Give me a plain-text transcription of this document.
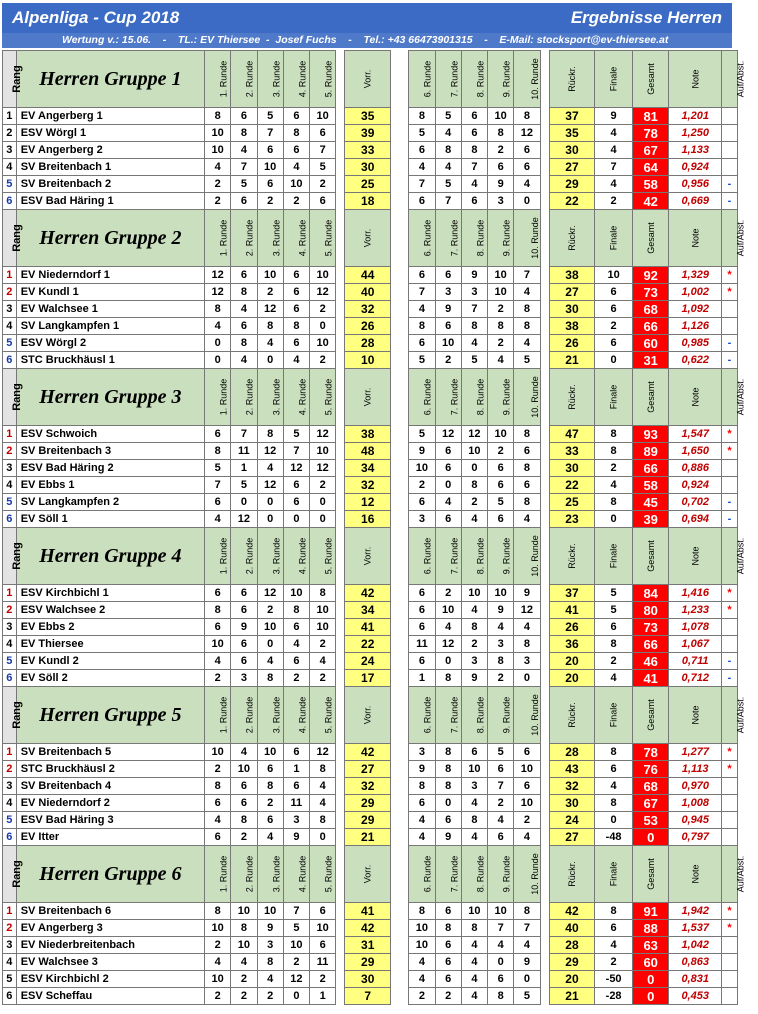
Alpenliga - Cup 2018	Ergebnisse Herren
Wertung v.: 15.06.    -    TL.: EV Thiersee  -  Josef Fuchs    -    Tel.: +43 66473901315    -    E-Mail: stocksport@ev-thiersee.at
Rang	Herren Gruppe 1	1. Runde	2. Runde	3. Runde	4. Runde	5. Runde		Vorr.		6. Runde	7. Runde	8. Runde	9. Runde	10. Runde		Rückr.	Finale	Gesamt	Note	Auf/Abst.
1	EV Angerberg 1	8	6	5	6	10		35		8	5	6	10	8		37	9	81	1,201	
2	ESV Wörgl 1	10	8	7	8	6		39		5	4	6	8	12		35	4	78	1,250	
3	EV Angerberg 2	10	4	6	6	7		33		6	8	8	2	6		30	4	67	1,133	
4	SV Breitenbach 1	4	7	10	4	5		30		4	4	7	6	6		27	7	64	0,924	
5	SV Breitenbach 2	2	5	6	10	2		25		7	5	4	9	4		29	4	58	0,956	-
6	ESV Bad Häring 1	2	6	2	2	6		18		6	7	6	3	0		22	2	42	0,669	-
Rang	Herren Gruppe 2	1. Runde	2. Runde	3. Runde	4. Runde	5. Runde		Vorr.		6. Runde	7. Runde	8. Runde	9. Runde	10. Runde		Rückr.	Finale	Gesamt	Note	Auf/Abst.
1	EV Niederndorf 1	12	6	10	6	10		44		6	6	9	10	7		38	10	92	1,329	*
2	EV Kundl 1	12	8	2	6	12		40		7	3	3	10	4		27	6	73	1,002	*
3	EV Walchsee 1	8	4	12	6	2		32		4	9	7	2	8		30	6	68	1,092	
4	SV Langkampfen 1	4	6	8	8	0		26		8	6	8	8	8		38	2	66	1,126	
5	ESV Wörgl 2	0	8	4	6	10		28		6	10	4	2	4		26	6	60	0,985	-
6	STC Bruckhäusl 1	0	4	0	4	2		10		5	2	5	4	5		21	0	31	0,622	-
Rang	Herren Gruppe 3	1. Runde	2. Runde	3. Runde	4. Runde	5. Runde		Vorr.		6. Runde	7. Runde	8. Runde	9. Runde	10. Runde		Rückr.	Finale	Gesamt	Note	Auf/Abst.
1	ESV Schwoich	6	7	8	5	12		38		5	12	12	10	8		47	8	93	1,547	*
2	SV Breitenbach 3	8	11	12	7	10		48		9	6	10	2	6		33	8	89	1,650	*
3	ESV Bad Häring 2	5	1	4	12	12		34		10	6	0	6	8		30	2	66	0,886	
4	EV Ebbs 1	7	5	12	6	2		32		2	0	8	6	6		22	4	58	0,924	
5	SV Langkampfen 2	6	0	0	6	0		12		6	4	2	5	8		25	8	45	0,702	-
6	EV Söll 1	4	12	0	0	0		16		3	6	4	6	4		23	0	39	0,694	-
Rang	Herren Gruppe 4	1. Runde	2. Runde	3. Runde	4. Runde	5. Runde		Vorr.		6. Runde	7. Runde	8. Runde	9. Runde	10. Runde		Rückr.	Finale	Gesamt	Note	Auf/Abst.
1	ESV Kirchbichl 1	6	6	12	10	8		42		6	2	10	10	9		37	5	84	1,416	*
2	ESV Walchsee 2	8	6	2	8	10		34		6	10	4	9	12		41	5	80	1,233	*
3	EV Ebbs 2	6	9	10	6	10		41		6	4	8	4	4		26	6	73	1,078	
4	EV Thiersee	10	6	0	4	2		22		11	12	2	3	8		36	8	66	1,067	
5	EV Kundl 2	4	6	4	6	4		24		6	0	3	8	3		20	2	46	0,711	-
6	EV Söll 2	2	3	8	2	2		17		1	8	9	2	0		20	4	41	0,712	-
Rang	Herren Gruppe 5	1. Runde	2. Runde	3. Runde	4. Runde	5. Runde		Vorr.		6. Runde	7. Runde	8. Runde	9. Runde	10. Runde		Rückr.	Finale	Gesamt	Note	Auf/Abst.
1	SV Breitenbach 5	10	4	10	6	12		42		3	8	6	5	6		28	8	78	1,277	*
2	STC Bruckhäusl 2	2	10	6	1	8		27		9	8	10	6	10		43	6	76	1,113	*
3	SV Breitenbach 4	8	6	8	6	4		32		8	8	3	7	6		32	4	68	0,970	
4	EV Niederndorf 2	6	6	2	11	4		29		6	0	4	2	10		30	8	67	1,008	
5	ESV Bad Häring 3	4	8	6	3	8		29		4	6	8	4	2		24	0	53	0,945	
6	EV Itter	6	2	4	9	0		21		4	9	4	6	4		27	-48	0	0,797	
Rang	Herren Gruppe 6	1. Runde	2. Runde	3. Runde	4. Runde	5. Runde		Vorr.		6. Runde	7. Runde	8. Runde	9. Runde	10. Runde		Rückr.	Finale	Gesamt	Note	Auf/Abst.
1	SV Breitenbach 6	8	10	10	7	6		41		8	6	10	10	8		42	8	91	1,942	*
2	EV Angerberg 3	10	8	9	5	10		42		10	8	8	7	7		40	6	88	1,537	*
3	EV Niederbreitenbach	2	10	3	10	6		31		10	6	4	4	4		28	4	63	1,042	
4	EV Walchsee 3	4	4	8	2	11		29		4	6	4	0	9		29	2	60	0,863	
5	ESV Kirchbichl 2	10	2	4	12	2		30		4	6	4	6	0		20	-50	0	0,831	
6	ESV Scheffau	2	2	2	0	1		7		2	2	4	8	5		21	-28	0	0,453	
